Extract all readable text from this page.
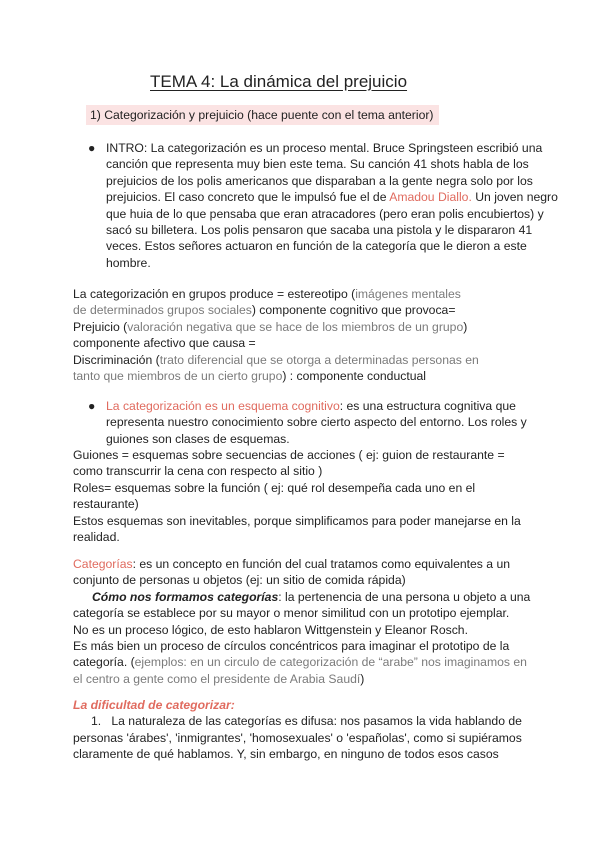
TEMA 4: La dinámica del prejuicio
1) Categorización y prejuicio (hace puente con el tema anterior)
● INTRO: La categorización es un proceso mental. Bruce Springsteen escribió una canción que representa muy bien este tema. Su canción 41 shots habla de los prejuicios de los polis americanos que disparaban a la gente negra solo por los prejuicios. El caso concreto que le impulsó fue el de Amadou Diallo. Un joven negro que huia de lo que pensaba que eran atracadores (pero eran polis encubiertos) y sacó su billetera. Los polis pensaron que sacaba una pistola y le dispararon 41 veces. Estos señores actuaron en función de la categoría que le dieron a este hombre.
La categorización en grupos produce = estereotipo (imágenes mentales
de determinados grupos sociales) componente cognitivo que provoca=
Prejuicio (valoración negativa que se hace de los miembros de un grupo)
componente afectivo que causa =
Discriminación (trato diferencial que se otorga a determinadas personas en
tanto que miembros de un cierto grupo) : componente conductual
● La categorización es un esquema cognitivo: es una estructura cognitiva que representa nuestro conocimiento sobre cierto aspecto del entorno. Los roles y guiones son clases de esquemas.
Guiones = esquemas sobre secuencias de acciones ( ej: guion de restaurante =
como transcurrir la cena con respecto al sitio )
Roles= esquemas sobre la función ( ej: qué rol desempeña cada uno en el
restaurante)
Estos esquemas son inevitables, porque simplificamos para poder manejarse en la
realidad.
Categorías: es un concepto en función del cual tratamos como equivalentes a un
conjunto de personas u objetos (ej: un sitio de comida rápida)
Cómo nos formamos categorías: la pertenencia de una persona u objeto a una
categoría se establece por su mayor o menor similitud con un prototipo ejemplar.
No es un proceso lógico, de esto hablaron Wittgenstein y Eleanor Rosch.
Es más bien un proceso de círculos concéntricos para imaginar el prototipo de la
categoría. (ejemplos: en un circulo de categorización de “arabe” nos imaginamos en
el centro a gente como el presidente de Arabia Saudí)
La dificultad de categorizar:
1. La naturaleza de las categorías es difusa: nos pasamos la vida hablando de
personas 'árabes', 'inmigrantes', 'homosexuales' o 'españolas', como si supiéramos
claramente de qué hablamos. Y, sin embargo, en ninguno de todos esos casos
